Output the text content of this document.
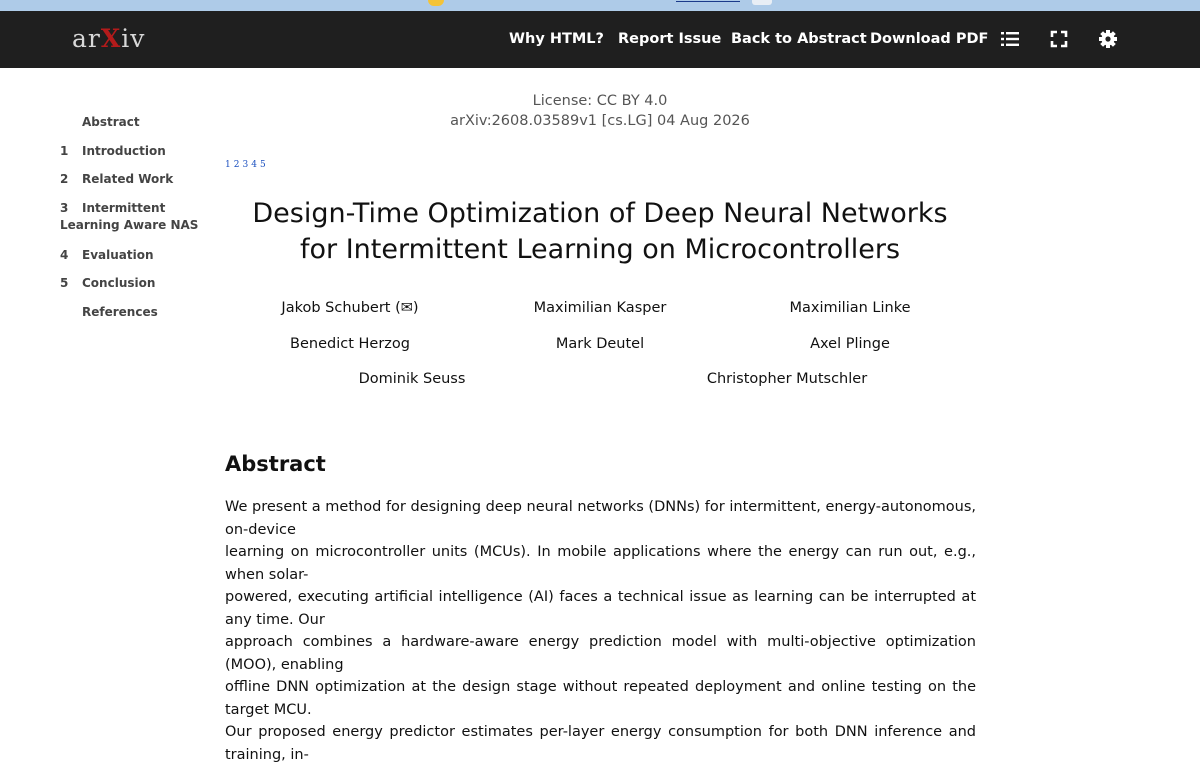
arXiv	Why HTML? Report Issue Back to Abstract Download PDF
Abstract
1	Introduction
2	Related Work
3	Intermittent
Learning Aware NAS
4	Evaluation
5	Conclusion
References
License: CC BY 4.0
arXiv:2608.03589v1 [cs.LG] 04 Aug 2026
1 2 3 4 5
Design-Time Optimization of Deep Neural Networks
for Intermittent Learning on Microcontrollers
Jakob Schubert (✉)	Maximilian Kasper	Maximilian Linke
Benedict Herzog	Mark Deutel	Axel Plinge
Dominik Seuss	Christopher Mutschler
Abstract
We present a method for designing deep neural networks (DNNs) for intermittent, energy-autonomous, on-device
learning on microcontroller units (MCUs). In mobile applications where the energy can run out, e.g., when solar-
powered, executing artificial intelligence (AI) faces a technical issue as learning can be interrupted at any time. Our
approach combines a hardware-aware energy prediction model with multi-objective optimization (MOO), enabling
offline DNN optimization at the design stage without repeated deployment and online testing on the target MCU.
Our proposed energy predictor estimates per-layer energy consumption for both DNN inference and training, in-
